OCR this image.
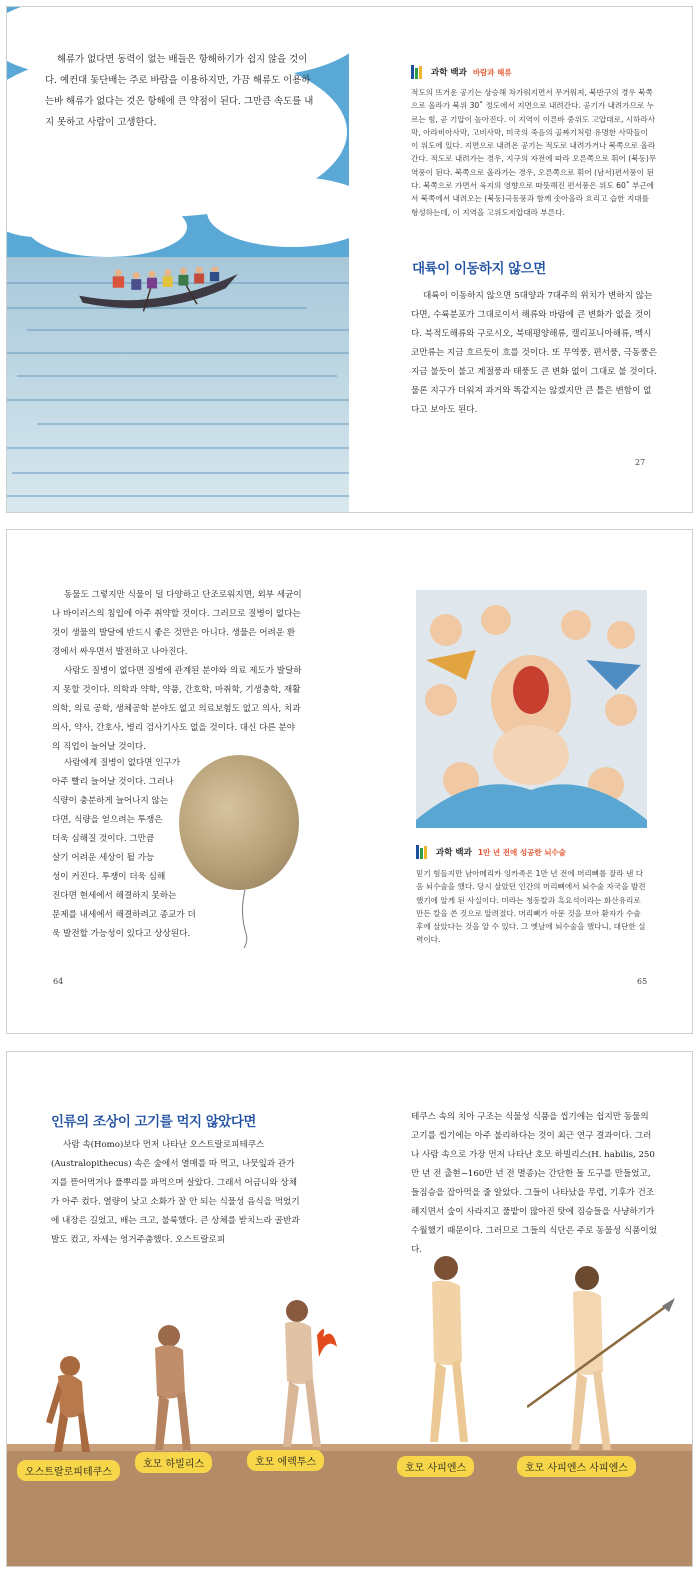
해류가 없다면 동력이 없는 배들은 항해하기가 쉽지 않을 것이다. 예컨대 돛단배는 주로 바람을 이용하지만, 가끔 해류도 이용하는바 해류가 없다는 것은 항해에 큰 약점이 된다. 그만큼 속도를 내지 못하고 사람이 고생한다.

과학 백과 바람과 해류

적도의 뜨거운 공기는 상승해 차가워지면서 무거워져, 북반구의 경우 북쪽으로 올라가 북위 30˚ 정도에서 지면으로 내려간다. 공기가 내려가므로 누르는 힘, 곧 기압이 높아진다. 이 지역이 이른바 중위도 고압대로, 시하라사막, 아라비아사막, 고비사막, 미국의 죽음의 골짜기처럼 유명한 사막들이 이 위도에 있다. 지면으로 내려온 공기는 적도로 내려가거나 북쪽으로 올라간다. 적도로 내려가는 경우, 지구의 자전에 따라 오른쪽으로 휘어 (북동)무역풍이 된다. 북쪽으로 올라가는 경우, 오른쪽으로 휘어 (남서)편서풍이 된다. 북쪽으로 가면서 육지의 영향으로 따뜻해진 편서풍은 위도 60˚ 부근에서 북쪽에서 내려오는 (북동)극동풍과 함께 솟아올라 흐리고 습한 지대를 형성하는데, 이 지역을 고위도저압대라 부른다.

대륙이 이동하지 않으면

대륙이 이동하지 않으면 5대양과 7대주의 위치가 변하지 않는다면, 수륙분포가 그대로이서 해류와 바람에 큰 변화가 없을 것이다. 북적도해류와 구로시오, 북태평양해류, 캘리포니아해류, 멕시코만류는 지금 흐르듯이 흐를 것이다. 또 무역풍, 편서풍, 극동풍은 지금 불듯이 불고 계절풍과 태풍도 큰 변화 없이 그대로 불 것이다. 물론 지구가 더워져 과거와 똑같지는 않겠지만 큰 틀은 변함이 없다고 보아도 된다.

27

동물도 그렇지만 식물이 덜 다양하고 단조로워지면, 외부 세균이나 바이러스의 침입에 아주 취약할 것이다. 그러므로 질병이 없다는 것이 생물의 발달에 반드시 좋은 것만은 아니다. 생물은 어려운 환경에서 싸우면서 발전하고 나아진다.

사람도 질병이 없다면 질병에 관계된 분야와 의료 제도가 발달하지 못할 것이다. 의학과 약학, 약품, 간호학, 마취학, 기생충학, 재활 의학, 의료 공학, 생체공학 분야도 없고 의료보험도 없고 의사, 치과의사, 약사, 간호사, 병리 검사기사도 없을 것이다. 대신 다른 분야의 직업이 늘어날 것이다.

사람에게 질병이 없다면 인구가
아주 빨리 늘어날 것이다. 그러나
식량이 충분하게 늘어나지 않는
다면, 식량을 얻으려는 투쟁은
더욱 심해질 것이다. 그만큼
살기 어려운 세상이 될 가능
성이 커진다. 투쟁이 더욱 심해
진다면 현세에서 해결하지 못하는
문제를 내세에서 해결하려고 종교가 더
욱 발전할 가능성이 있다고 상상된다.

64
과학 백과 1만 년 전에 성공한 뇌수술

믿기 힘들지만 남아메리카 잉카족은 1만 년 전에 머리뼈를 잘라 낸 다음 뇌수술을 했다. 당시 살았던 인간의 머리뼈에서 뇌수술 자국을 발견했기에 알게 된 사실이다. 미라는 청동칼과 흑요석이라는 화산유리로 만든 칼을 쓴 것으로 알려졌다. 머리뼈가 아문 것을 보아 환자가 수술 후에 살았다는 것을 알 수 있다. 그 옛날에 뇌수술을 했다니, 대단한 실력이다.

65
인류의 조상이 고기를 먹지 않았다면

사람 속(Homo)보다 먼저 나타난 오스트랄로피테쿠스(Australopithecus) 속은 숲에서 열매를 따 먹고, 나뭇잎과 관가지를 뜯어먹거나 풀뿌리를 파먹으며 살았다. 그래서 어금니와 상체가 아주 컸다. 열량이 낮고 소화가 잘 안 되는 식물성 음식을 먹었기에 내장은 길었고, 배는 크고, 불룩했다. 큰 상체를 받치느라 골반과 발도 컸고, 자세는 엉거주춤했다. 오스트랄로피

테쿠스 속의 치아 구조는 식물성 식품을 씹기에는 쉽지만 동물의 고기를 씹기에는 아주 불리하다는 것이 최근 연구 결과이다. 그러나 사람 속으로 가장 먼저 나타난 호모 하빌리스(H. habilis, 250만 년 전 출현~160만 년 전 멸종)는 간단한 돌 도구를 만들었고, 들짐승을 잡아먹을 줄 알았다. 그들이 나타났을 무렵, 기후가 건조해지면서 숲이 사라지고 풀밭이 많아진 탓에 짐승들을 사냥하기가 수월했기 때문이다. 그러므로 그들의 식단은 주로 동물성 식품이었다.

오스트랄로피테쿠스
호모 하빌리스	호모 에렉투스
호모 사피엔스	호모 사피엔스 사피엔스
